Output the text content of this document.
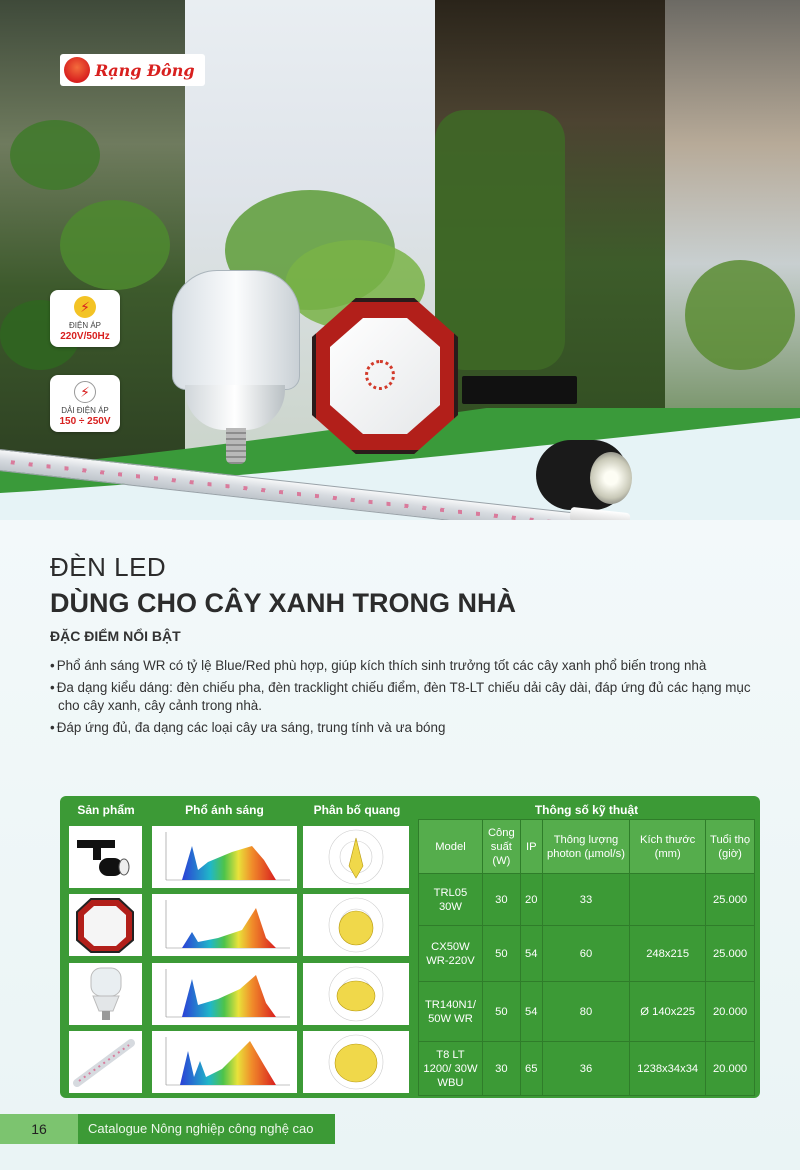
Rạng Đông
⚡
ĐIỆN ÁP
220V/50Hz
⚡
DẢI ĐIỆN ÁP
150 ÷ 250V
ĐÈN LED
DÙNG CHO CÂY XANH TRONG NHÀ
ĐẶC ĐIỂM NỔI BẬT
• Phổ ánh sáng WR có tỷ lệ Blue/Red phù hợp, giúp kích thích sinh trưởng tốt các cây xanh phổ biến trong nhà
• Đa dạng kiểu dáng: đèn chiếu pha, đèn tracklight chiếu điểm, đèn T8-LT chiếu dải cây dài, đáp ứng đủ các hạng mục cho cây xanh, cây cảnh trong nhà.
• Đáp ứng đủ, đa dạng các loại cây ưa sáng, trung tính và ưa bóng
Sản phẩm	Phổ ánh sáng	Phân bố quang	Thông số kỹ thuật
Model	Công suất (W)	IP	Thông lượng photon (µmol/s)	Kích thước (mm)	Tuổi thọ (giờ)
TRL05 30W	30	20	33		25.000
CX50W WR-220V	50	54	60	248x215	25.000
TR140N1/ 50W WR	50	54	80	Ø 140x225	20.000
T8 LT 1200/ 30W WBU	30	65	36	1238x34x34	20.000
16	Catalogue Nông nghiệp công nghệ cao
